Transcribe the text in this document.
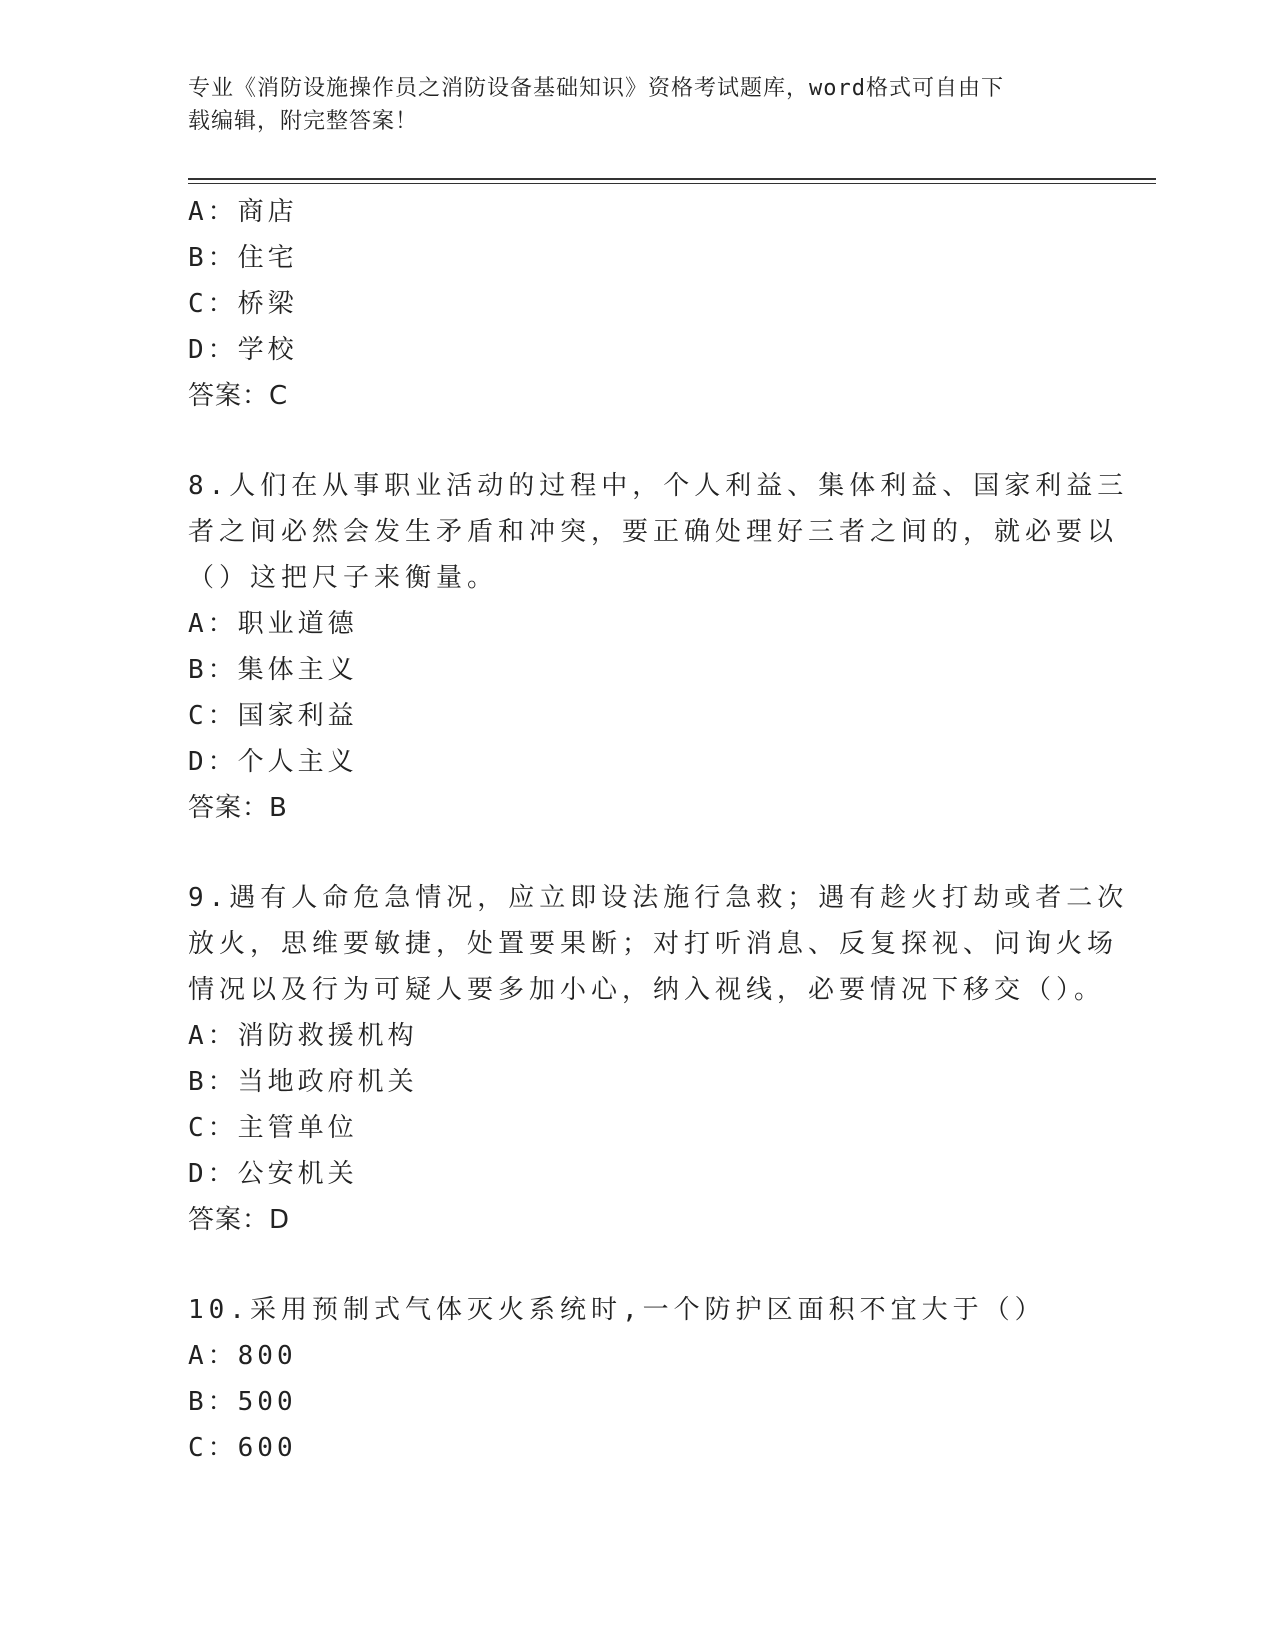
专业《消防设施操作员之消防设备基础知识》资格考试题库，word格式可自由下
载编辑，附完整答案！
A：商店
B：住宅
C：桥梁
D：学校
答案：C
8.人们在从事职业活动的过程中，个人利益、集体利益、国家利益三
者之间必然会发生矛盾和冲突，要正确处理好三者之间的，就必要以
（）这把尺子来衡量。
A：职业道德
B：集体主义
C：国家利益
D：个人主义
答案：B
9.遇有人命危急情况，应立即设法施行急救；遇有趁火打劫或者二次
放火，思维要敏捷，处置要果断；对打听消息、反复探视、问询火场
情况以及行为可疑人要多加小心，纳入视线，必要情况下移交（）。
A：消防救援机构
B：当地政府机关
C：主管单位
D：公安机关
答案：D
10.采用预制式气体灭火系统时,一个防护区面积不宜大于（）
A：800
B：500
C：600
